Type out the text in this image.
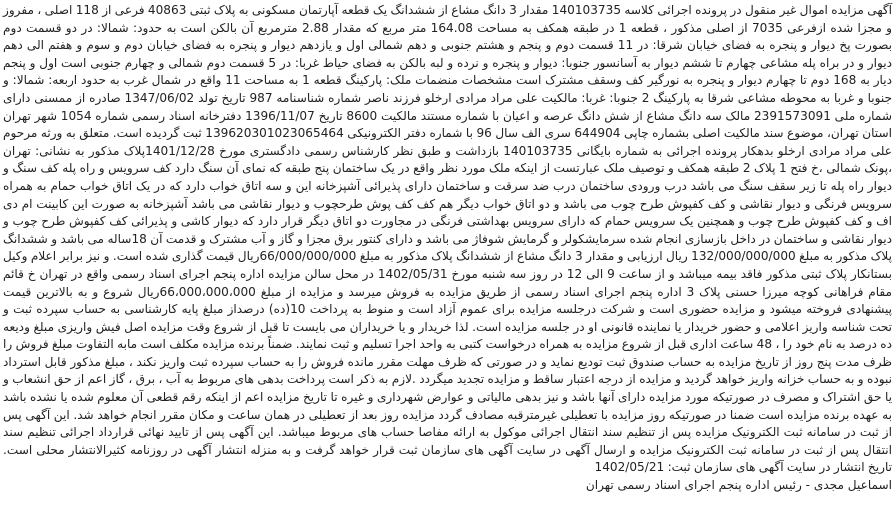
آگهی مزایده اموال غیر منقول در پرونده اجرائی کلاسه 140103735 مقدار 3 دانگ مشاع از ششدانگ یک قطعه آپارتمان مسکونی به پلاک ثبتی 40863 فرعی از 118 اصلی ، مفروز و مجزا شده ازفرعی 7035 از اصلی مذکور ، قطعه 1 در طبقه همکف به مساحت 164.08 متر مربع که مقدار 2.88 مترمربع آن بالکن است به حدود: شمالا: در دو قسمت دوم بصورت پخ دیوار و پنجره به فضای خیابان شرقا: در 11 قسمت دوم و پنجم و هشتم جنوبی و دهم شمالی اول و یازدهم دیوار و پنجره به فضای خیابان دوم و سوم و هفتم الی دهم دیوار و در براه پله مشاعی چهارم تا ششم دیوار به آسانسور جنوبا: دیوار و پنجره و نرده و لبه بالکن به فضای حیاط غربا: در 5 قسمت دوم شمالی و چهارم جنوبی است اول و پنجم دیار به 168 دوم تا چهارم دیوار و پنجره به نورگیر کف وسقف مشترک است مشخصات منضمات ملک: پارکینگ قطعه 1 به مساحت 11 واقع در شمال غرب به حدود اربعه: شمالا: و جنوبا و غربا به محوطه مشاعی شرقا به پارکینگ 2 جنوبا: غربا: مالکیت علی مراد مرادی ارخلو فرزند ناصر شماره شناسنامه 987 تاریخ تولد 1347/06/02 صادره از ممسنی دارای شماره ملی 2391573091 مالک سه دانگ مشاع از شش دانگ عرصه و اعیان با شماره مستند مالکیت 8600 تاریخ 1396/11/07 دفترخانه اسناد رسمی شماره 1054 شهر تهران استان تهران، موضوع سند مالکیت اصلی بشماره چاپی 644904 سری الف سال 96 با شماره دفتر الکترونیکی 139620301023065464 ثبت گردیده است. متعلق به ورثه مرحوم علی مراد مرادی ارخلو بدهکار پرونده اجرائی به شماره بایگانی 140103735 بازداشت و طبق نظر کارشناس رسمی دادگستری مورخ 1401/12/28پلاک مذکور به نشانی: تهران ،پونک شمالی ،خ فتح 1 پلاک 2 طبقه همکف و توصیف ملک عبارتست از اینکه ملک مورد نظر واقع در یک ساختمان پنج طبقه که نمای آن سنگ دارد کف سرویس و راه پله کف سنگ و دیوار راه پله تا زیر سقف سنگ می باشد درب ورودی ساختمان درب ضد سرقت و ساختمان دارای پذیرائی آشپزخانه این و سه اتاق خواب دارد که در یک اتاق خواب حمام به همراه سرویس فرنگی و دیوار نقاشی و کف کفپوش طرح چوب می باشد و دو اتاق خواب دیگر هم کف کف پوش طرحچوب و دیوار نقاشی می باشد آشپزخانه به صورت این کابینت ام دی اف و کف کفپوش طرح چوب و همچنین یک سرویس حمام که دارای سرویس بهداشتی فرنگی در مجاورت دو اتاق دیگر قرار دارد که دیوار کاشی و پذیرائی کف کفپوش طرح چوب و دیوار نقاشی و ساختمان در داخل بازسازی انجام شده سرمایشکولر و گرمایش شوفاژ می باشد و دارای کنتور برق مجزا و گاز و آب مشترک و قدمت آن 18ساله می باشد و ششدانگ پلاک مذکور به مبلغ 132/000/000/000 ریال ارزیابی و مقدار 3 دانگ مشاع از ششدانگ پلاک مذکور به مبلغ 66/000/000/000ریال قیمت گذاری شده است. و نیز برابر اعلام وکیل بستانکار پلاک ثبتی مذکور فاقد بیمه میباشد و از ساعت 9 الی 12 در روز سه شنبه مورخ 1402/05/31 در محل سالن مزایده اداره پنجم اجرای اسناد رسمی واقع در تهران خ قائم مقام فراهانی کوچه میرزا حسنی پلاک 3 اداره پنجم اجرای اسناد رسمی از طریق مزایده به فروش میرسد و مزایده از مبلغ 66،000،000،000ریال شروع و به بالاترین قیمت پیشنهادی فروخته میشود و مزایده حضوری است و شرکت درجلسه مزایده برای عموم آزاد است و منوط به پرداخت 10(ده) درصداز مبلغ پایه کارشناسی به حساب سپرده ثبت و تحت شناسه واریز اعلامی و حضور خریدار یا نماینده قانونی او در جلسه مزایده است. لذا خریدار و یا خریداران می بایست تا قبل از شروع وقت مزایده اصل فیش واریزی مبلغ ودیعه ده درصد به نام خود را ، 48 ساعت اداری قبل از شروع مزایده به همراه درخواست کتبی به واحد اجرا تسلیم و ثبت نمایند. ضمناً برنده مزایده مکلف است مابه التفاوت مبلغ فروش را ظرف مدت پنج روز از تاریخ مزایده به حساب صندوق ثبت تودیع نماید و در صورتی که ظرف مهلت مقرر مانده فروش را به حساب سپرده ثبت واریز نکند ، مبلغ مذکور قابل استرداد نبوده و به حساب خزانه واریز خواهد گردید و مزایده از درجه اعتبار ساقط و مزایده تجدید میگردد .لازم به ذکر است پرداخت بدهی های مربوط به آب ، برق ، گاز اعم از حق انشعاب و یا حق اشتراک و مصرف در صورتیکه مورد مزایده دارای آنها باشد و نیز بدهی مالیاتی و عوارض شهرداری و غیره تا تاریخ مزایده اعم از اینکه رقم قطعی آن معلوم شده یا نشده باشد به عهده برنده مزایده است ضمنا در صورتیکه روز مزایده با تعطیلی غیرمترقبه مصادف گردد مزایده روز بعد از تعطیلی در همان ساعت و مکان مقرر انجام خواهد شد. این آگهی پس از ثبت در سامانه ثبت الکترونیک مزایده پس از تنظیم سند انتقال اجرائی موکول به ارائه مفاصا حساب های مربوط میباشد. این آگهی پس از تایید نهائی قرارداد اجرائی تنظیم سند انتقال پس از ثبت در سامانه ثبت الکترونیک مزایده و ارسال آگهی در سایت آگهی های سازمان ثبت قرار خواهد گرفت و به منزله انتشار آگهی در روزنامه کثیرالانتشار محلی است. تاریخ انتشار در سایت آگهی های سازمان ثبت: 1402/05/21

اسماعیل مجدی - رئیس اداره پنجم اجرای اسناد رسمی تهران
